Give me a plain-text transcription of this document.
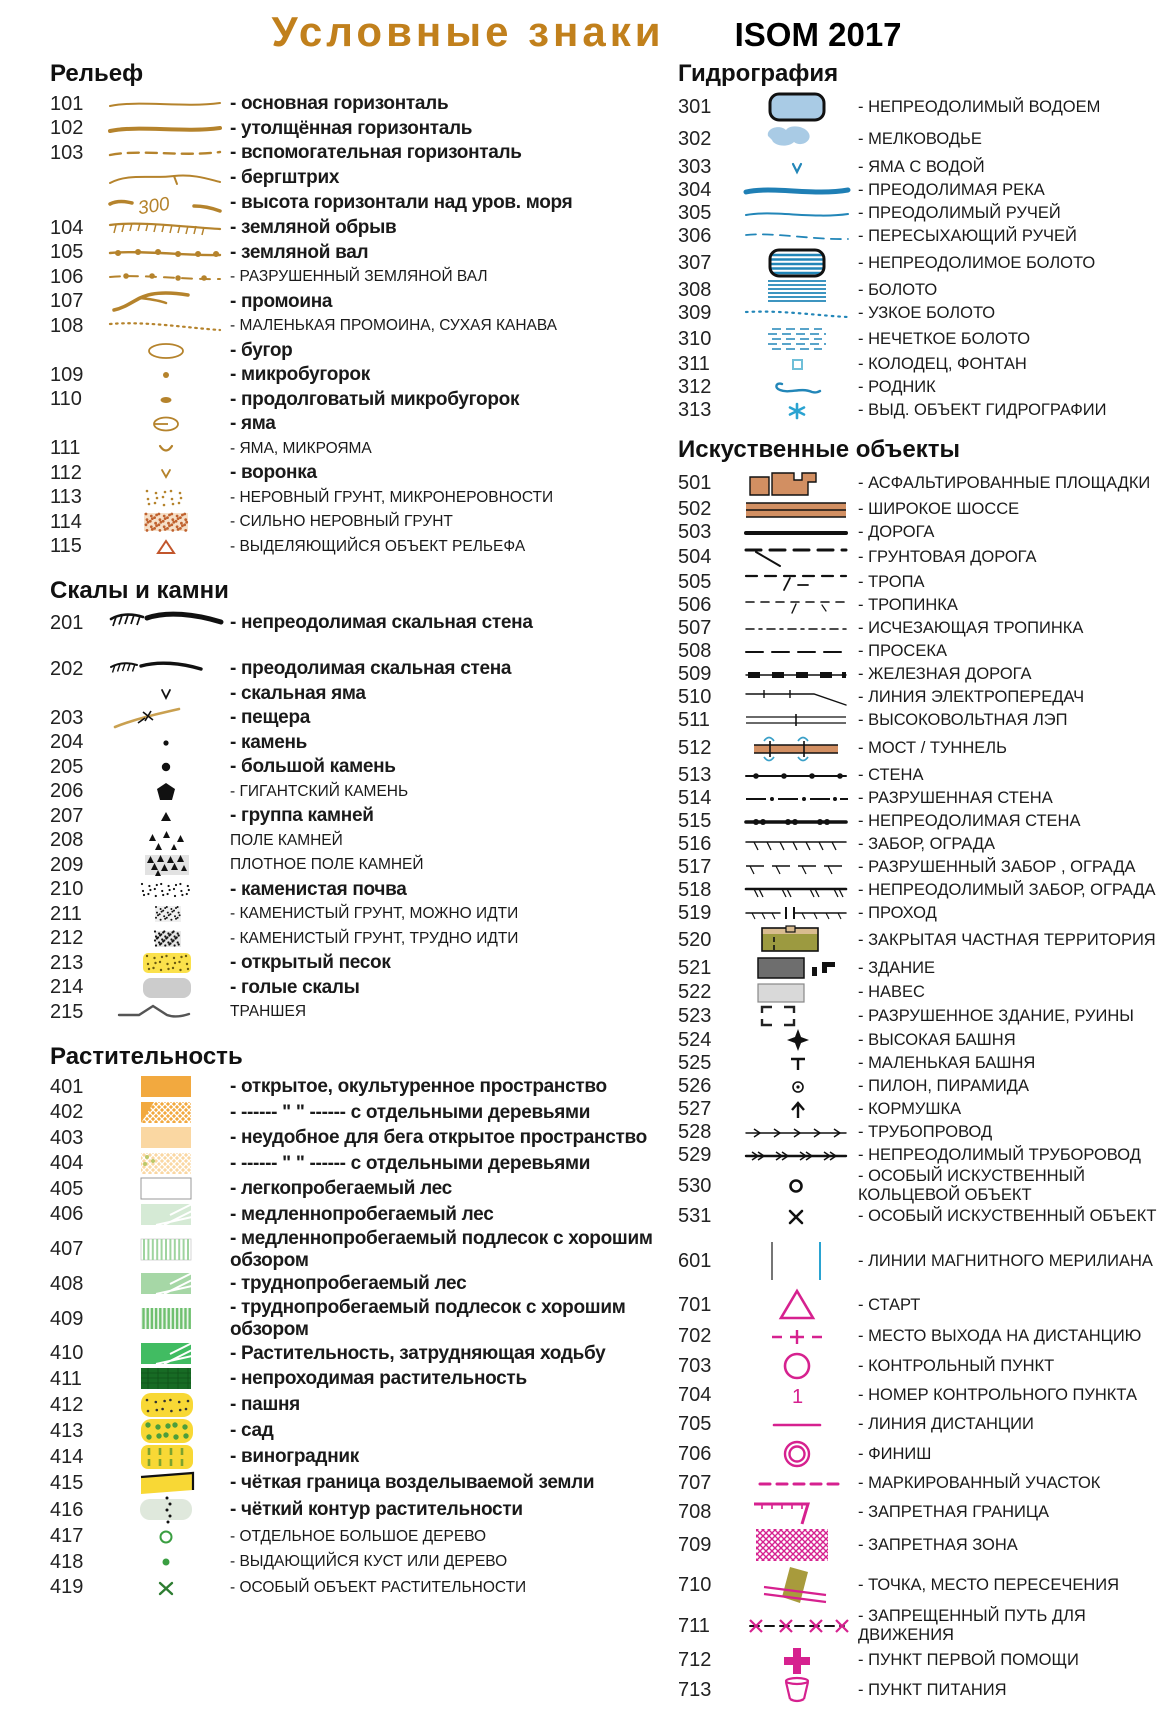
Условные знаки ISOM 2017
Рельеф
101	- основная горизонталь
102	- утолщённая горизонталь
103	- вспомогательная горизонталь
- бергштрих
300	- высота горизонтали над уров. моря
104	- земляной обрыв
105	- земляной вал
106	- РАЗРУШЕННЫЙ ЗЕМЛЯНОЙ ВАЛ
107	- промоина
108	- МАЛЕНЬКАЯ ПРОМОИНА, СУХАЯ КАНАВА
- бугор
109	- микробугорок
110	- продолговатый микробугорок
- яма
111	- ЯМА, МИКРОЯМА
112	- воронка
113	- НЕРОВНЫЙ ГРУНТ, МИКРОНЕРОВНОСТИ
114	- СИЛЬНО НЕРОВНЫЙ ГРУНТ
115	- ВЫДЕЛЯЮЩИЙСЯ ОБЪЕКТ РЕЛЬЕФА
Скалы и камни
201	- непреодолимая скальная стена
202	- преодолимая скальная стена
- скальная яма
203	- пещера
204	- камень
205	- большой камень
206	- ГИГАНТСКИЙ КАМЕНЬ
207	- группа камней
208	ПОЛЕ КАМНЕЙ
209	ПЛОТНОЕ ПОЛЕ КАМНЕЙ
210	- каменистая почва
211	- КАМЕНИСТЫЙ ГРУНТ, МОЖНО ИДТИ
212	- КАМЕНИСТЫЙ ГРУНТ, ТРУДНО ИДТИ
213	- открытый песок
214	- голые скалы
215	ТРАНШЕЯ
Растительность
401	- открытое, окультуренное пространство
402	- ------ " " ------ с отдельными деревьями
403	- неудобное для бега открытое пространство
404	- ------ " " ------ с отдельными деревьями
405	- легкопробегаемый лес
406	- медленнопробегаемый лес
407	- медленнопробегаемый подлесок с хорошим обзором
408	- труднопробегаемый лес
409	- труднопробегаемый подлесок с хорошим обзором
410	- Растительность, затрудняющая ходьбу
411	- непроходимая растительность
412	- пашня
413	- сад
414	- виноградник
415	- чёткая граница возделываемой земли
416	- чёткий контур растительности
417	- ОТДЕЛЬНОЕ БОЛЬШОЕ ДЕРЕВО
418	- ВЫДАЮЩИЙСЯ КУСТ ИЛИ ДЕРЕВО
419	- ОСОБЫЙ ОБЪЕКТ РАСТИТЕЛЬНОСТИ
Гидрография
301	- НЕПРЕОДОЛИМЫЙ ВОДОЕМ
302	- МЕЛКОВОДЬЕ
303	- ЯМА С ВОДОЙ
304	- ПРЕОДОЛИМАЯ РЕКА
305	- ПРЕОДОЛИМЫЙ РУЧЕЙ
306	- ПЕРЕСЫХАЮЩИЙ РУЧЕЙ
307	- НЕПРЕОДОЛИМОЕ БОЛОТО
308	- БОЛОТО
309	- УЗКОЕ БОЛОТО
310	- НЕЧЕТКОЕ БОЛОТО
311	- КОЛОДЕЦ, ФОНТАН
312	- РОДНИК
313	- ВЫД. ОБЪЕКТ ГИДРОГРАФИИ
Искуственные объекты
501	- АСФАЛЬТИРОВАННЫЕ ПЛОЩАДКИ
502	- ШИРОКОЕ ШОССЕ
503	- ДОРОГА
504	- ГРУНТОВАЯ ДОРОГА
505	- ТРОПА
506	- ТРОПИНКА
507	- ИСЧЕЗАЮЩАЯ ТРОПИНКА
508	- ПРОСЕКА
509	- ЖЕЛЕЗНАЯ ДОРОГА
510	- ЛИНИЯ ЭЛЕКТРОПЕРЕДАЧ
511	- ВЫСОКОВОЛЬТНАЯ ЛЭП
512	- МОСТ / ТУННЕЛЬ
513	- СТЕНА
514	- РАЗРУШЕННАЯ СТЕНА
515	- НЕПРЕОДОЛИМАЯ СТЕНА
516	- ЗАБОР, ОГРАДА
517	- РАЗРУШЕННЫЙ ЗАБОР , ОГРАДА
518	- НЕПРЕОДОЛИМЫЙ ЗАБОР, ОГРАДА
519	- ПРОХОД
520	- ЗАКРЫТАЯ ЧАСТНАЯ ТЕРРИТОРИЯ
521	- ЗДАНИЕ
522	- НАВЕС
523	- РАЗРУШЕННОЕ ЗДАНИЕ, РУИНЫ
524	- ВЫСОКАЯ БАШНЯ
525	- МАЛЕНЬКАЯ БАШНЯ
526	- ПИЛОН, ПИРАМИДА
527	- КОРМУШКА
528	- ТРУБОПРОВОД
529	- НЕПРЕОДОЛИМЫЙ ТРУБОРОВОД
530	- ОСОБЫЙ ИСКУСТВЕННЫЙ КОЛЬЦЕВОЙ ОБЪЕКТ
531	- ОСОБЫЙ ИСКУСТВЕННЫЙ ОБЪЕКТ
601	- ЛИНИИ МАГНИТНОГО МЕРИЛИАНА
701	- СТАРТ
702	- МЕСТО ВЫХОДА НА ДИСТАНЦИЮ
703	- КОНТРОЛЬНЫЙ ПУНКТ
704	1	- НОМЕР КОНТРОЛЬНОГО ПУНКТА
705	- ЛИНИЯ ДИСТАНЦИИ
706	- ФИНИШ
707	- МАРКИРОВАННЫЙ УЧАСТОК
708	- ЗАПРЕТНАЯ ГРАНИЦА
709	- ЗАПРЕТНАЯ ЗОНА
710	- ТОЧКА, МЕСТО ПЕРЕСЕЧЕНИЯ
711	- ЗАПРЕЩЕННЫЙ ПУТЬ ДЛЯ ДВИЖЕНИЯ
712	- ПУНКТ ПЕРВОЙ ПОМОЩИ
713	- ПУНКТ ПИТАНИЯ
